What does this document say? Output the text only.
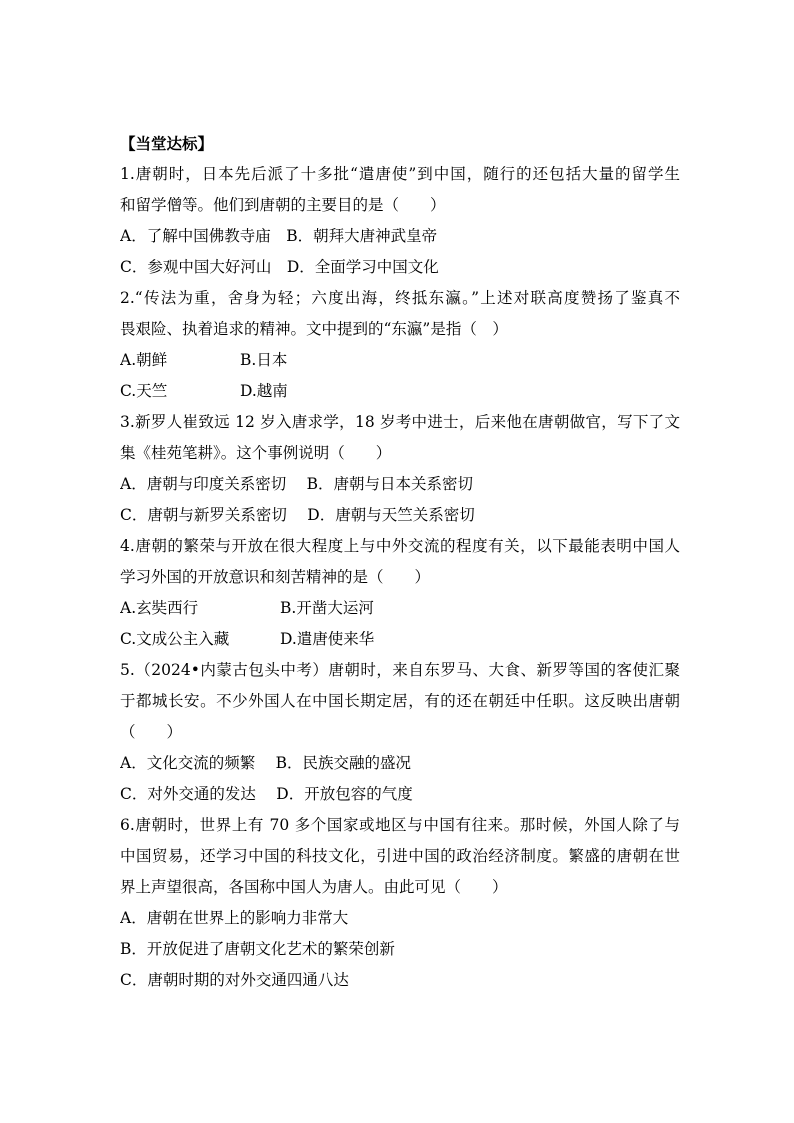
【当堂达标】
1.唐朝时，日本先后派了十多批“遣唐使”到中国，随行的还包括大量的留学生
和留学僧等。他们到唐朝的主要目的是（　　）
A．了解中国佛教寺庙　B．朝拜大唐神武皇帝
C．参观中国大好河山　D．全面学习中国文化
2.“传法为重，舍身为轻；六度出海，终抵东瀛。”上述对联高度赞扬了鉴真不
畏艰险、执着追求的精神。文中提到的“东瀛”是指（　）
A.朝鲜	B.日本
C.天竺	D.越南
3.新罗人崔致远 12 岁入唐求学，18 岁考中进士，后来他在唐朝做官，写下了文
集《桂苑笔耕》。这个事例说明（　　）
A．唐朝与印度关系密切　 B．唐朝与日本关系密切
C．唐朝与新罗关系密切　 D．唐朝与天竺关系密切
4.唐朝的繁荣与开放在很大程度上与中外交流的程度有关，以下最能表明中国人
学习外国的开放意识和刻苦精神的是（　　）
A.玄奘西行	B.开凿大运河
C.文成公主入藏	D.遣唐使来华
5.（2024•内蒙古包头中考）唐朝时，来自东罗马、大食、新罗等国的客使汇聚
于都城长安。不少外国人在中国长期定居，有的还在朝廷中任职。这反映出唐朝
（　　）
A．文化交流的频繁　 B．民族交融的盛况
C．对外交通的发达　 D．开放包容的气度
6.唐朝时，世界上有 70 多个国家或地区与中国有往来。那时候，外国人除了与
中国贸易，还学习中国的科技文化，引进中国的政治经济制度。繁盛的唐朝在世
界上声望很高，各国称中国人为唐人。由此可见（　　）
A．唐朝在世界上的影响力非常大
B．开放促进了唐朝文化艺术的繁荣创新
C．唐朝时期的对外交通四通八达
